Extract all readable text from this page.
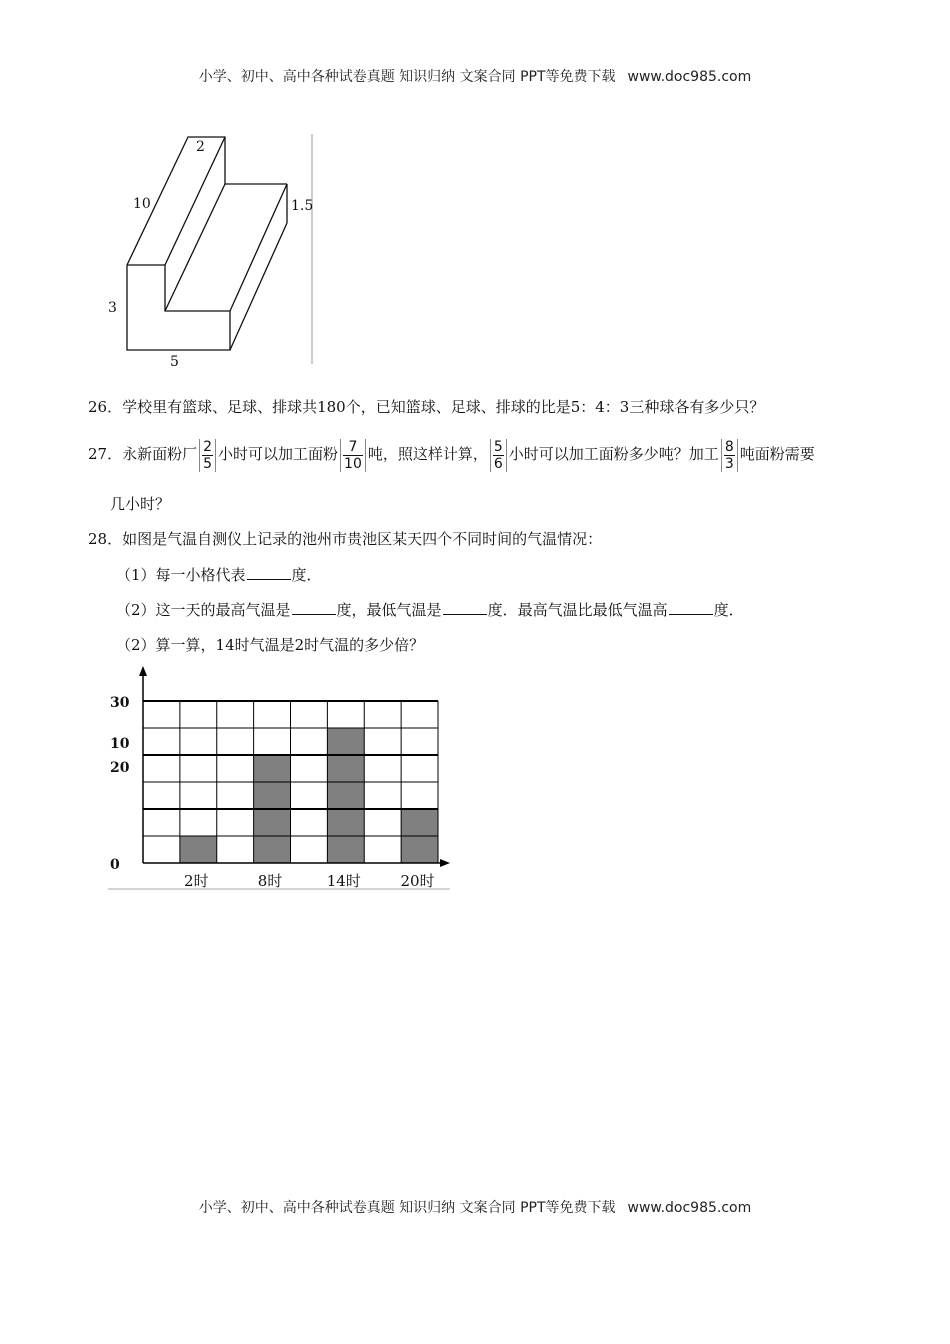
小学、初中、高中各种试卷真题 知识归纳 文案合同 PPT等免费下载 www.doc985.com
2
10	1.5
3
5
26．学校里有篮球、足球、排球共180个，已知篮球、足球、排球的比是5：4：3三种球各有多少只？
27．永新面粉厂 $\frac{2}{5}$ 小时可以加工面粉 $\frac{7}{10}$ 吨，照这样计算， $\frac{5}{6}$ 小时可以加工面粉多少吨？加工 $\frac{8}{3}$ 吨面粉需要
几小时？
28．如图是气温自测仪上记录的池州市贵池区某天四个不同时间的气温情况：
（1）每一小格代表	度．
（2）这一天的最高气温是	度，最低气温是	度．最高气温比最低气温高	度．
（2）算一算，14时气温是2时气温的多少倍？
0
10
20
30
2时	8时	14时	20时
小学、初中、高中各种试卷真题 知识归纳 文案合同 PPT等免费下载 www.doc985.com
